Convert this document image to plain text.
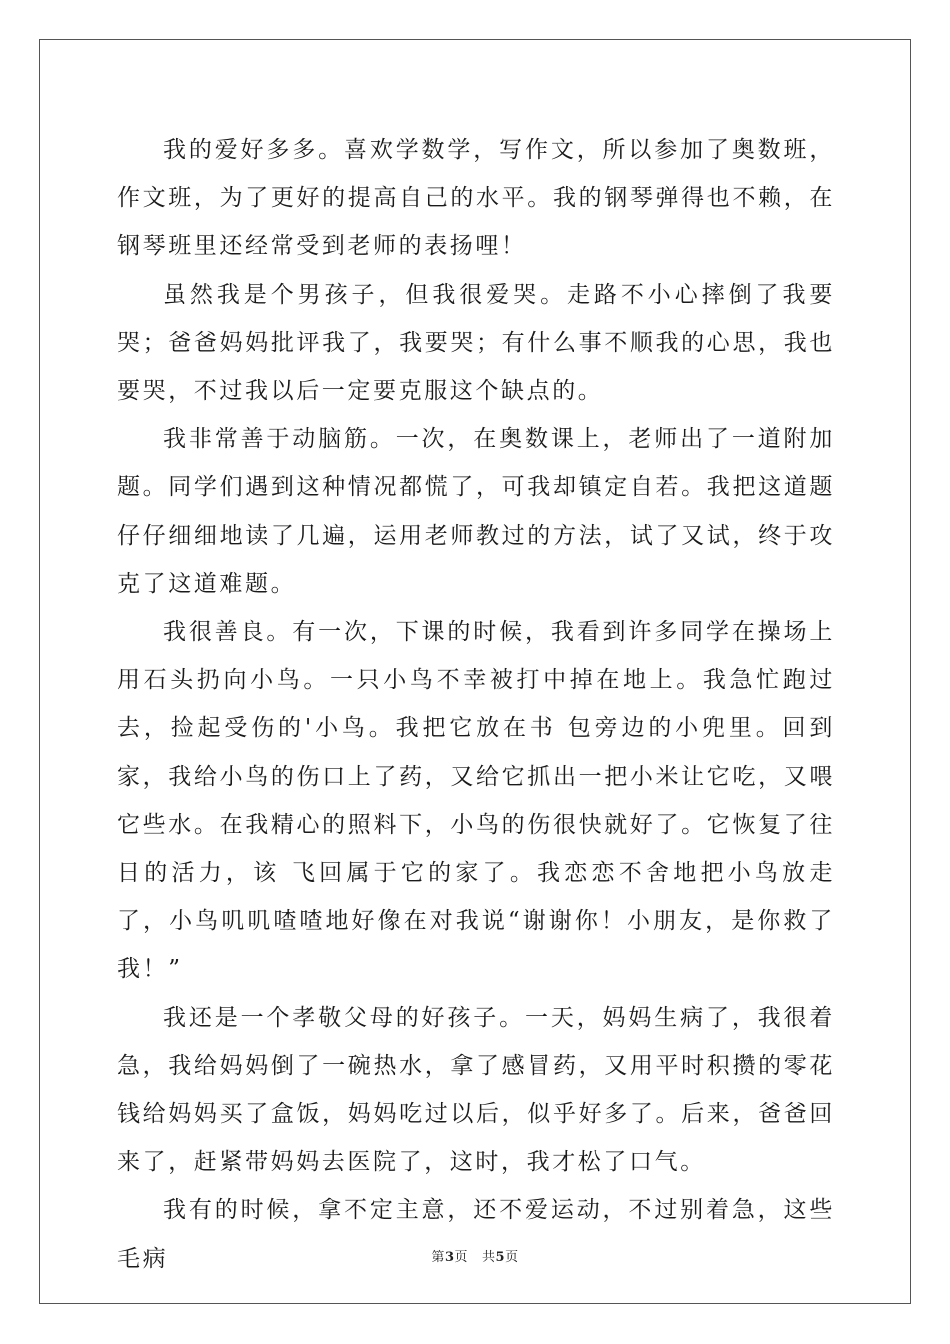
我的爱好多多。喜欢学数学，写作文，所以参加了奥数班，作文班，为了更好的提高自己的水平。我的钢琴弹得也不赖，在钢琴班里还经常受到老师的表扬哩！

虽然我是个男孩子，但我很爱哭。走路不小心摔倒了我要哭；爸爸妈妈批评我了，我要哭；有什么事不顺我的心思，我也要哭，不过我以后一定要克服这个缺点的。

我非常善于动脑筋。一次，在奥数课上，老师出了一道附加题。同学们遇到这种情况都慌了，可我却镇定自若。我把这道题仔仔细细地读了几遍，运用老师教过的方法，试了又试，终于攻克了这道难题。

我很善良。有一次，下课的时候，我看到许多同学在操场上用石头扔向小鸟。一只小鸟不幸被打中掉在地上。我急忙跑过去，捡起受伤的'小鸟。我把它放在书 包旁边的小兜里。回到家，我给小鸟的伤口上了药，又给它抓出一把小米让它吃，又喂它些水。在我精心的照料下，小鸟的伤很快就好了。它恢复了往日的活力，该 飞回属于它的家了。我恋恋不舍地把小鸟放走了，小鸟叽叽喳喳地好像在对我说“谢谢你！小朋友，是你救了我！”

我还是一个孝敬父母的好孩子。一天，妈妈生病了，我很着急，我给妈妈倒了一碗热水，拿了感冒药，又用平时积攒的零花钱给妈妈买了盒饭，妈妈吃过以后，似乎好多了。后来，爸爸回来了，赶紧带妈妈去医院了，这时，我才松了口气。

我有的时候，拿不定主意，还不爱运动，不过别着急，这些毛病	第3页 共5页
